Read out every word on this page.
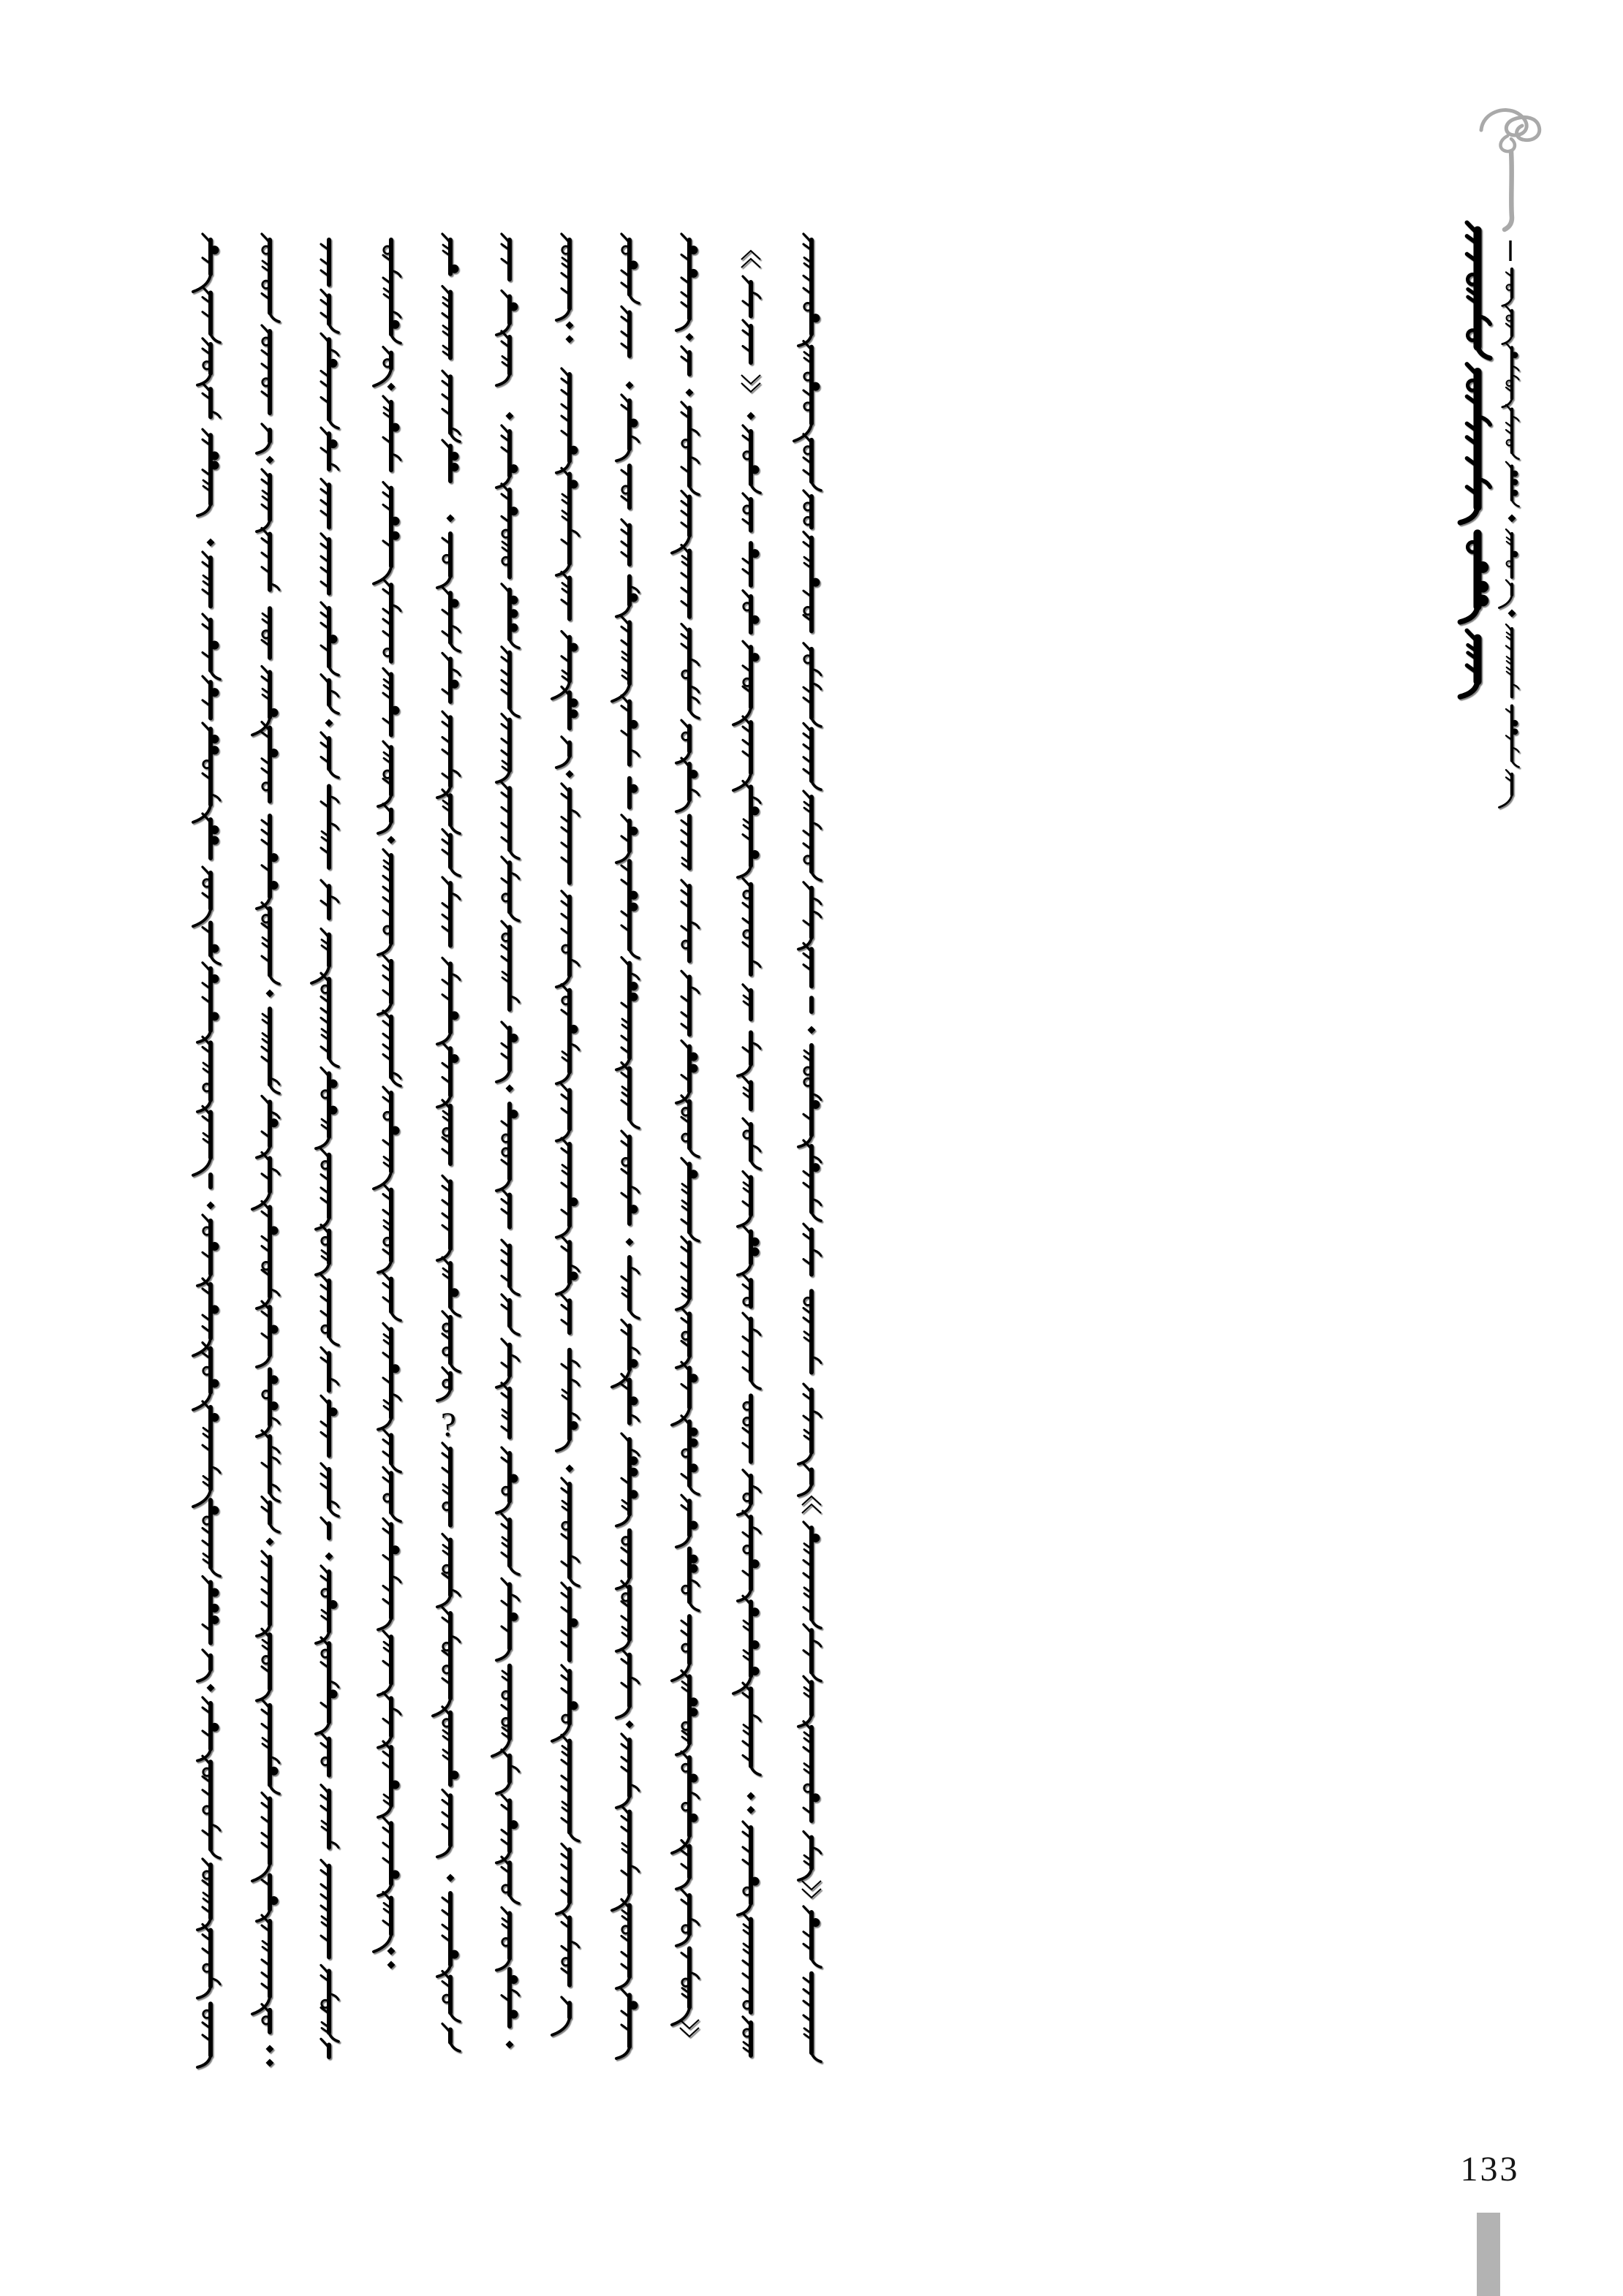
?
133
